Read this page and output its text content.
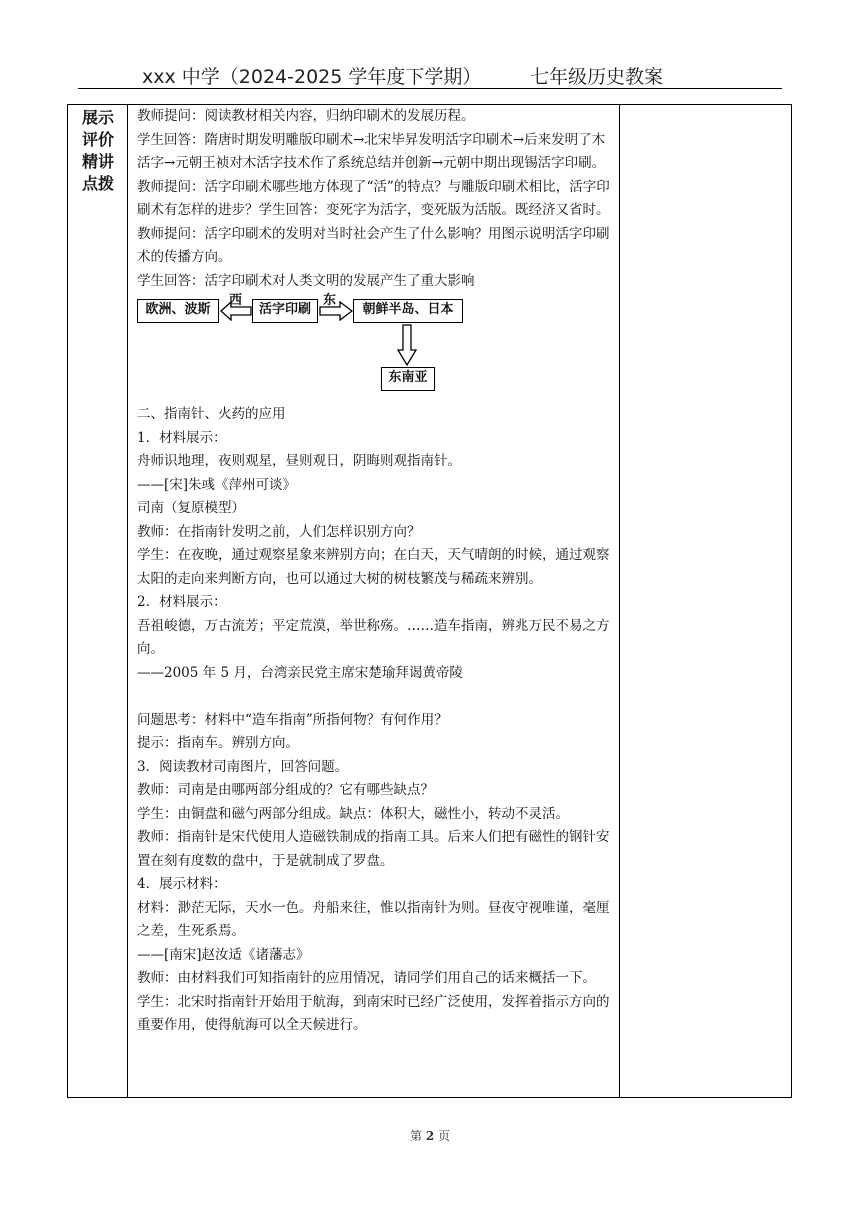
xxx 中学（2024-2025 学年度下学期）	七年级历史教案
展示评价精讲点拨

教师提问：阅读教材相关内容，归纳印刷术的发展历程。

学生回答：隋唐时期发明雕版印刷术→北宋毕昇发明活字印刷术→后来发明了木活字→元朝王祯对木活字技术作了系统总结并创新→元朝中期出现锡活字印刷。

教师提问：活字印刷术哪些地方体现了“活”的特点？与雕版印刷术相比，活字印刷术有怎样的进步？学生回答：变死字为活字，变死版为活版。既经济又省时。

教师提问：活字印刷术的发明对当时社会产生了什么影响？用图示说明活字印刷术的传播方向。

学生回答：活字印刷术对人类文明的发展产生了重大影响

欧洲、波斯
西
活字印刷
东
朝鲜半岛、日本
东南亚

二、指南针、火药的应用

1．材料展示：

舟师识地理，夜则观星，昼则观日，阴晦则观指南针。

——[宋]朱彧《萍州可谈》

司南（复原模型）

教师：在指南针发明之前，人们怎样识别方向？

学生：在夜晚，通过观察星象来辨别方向；在白天，天气晴朗的时候，通过观察太阳的走向来判断方向，也可以通过大树的树枝繁茂与稀疏来辨别。

2．材料展示：

吾祖峻德，万古流芳；平定荒漠，举世称殇。……造车指南，辨兆万民不易之方向。

——2005 年 5 月，台湾亲民党主席宋楚瑜拜谒黄帝陵

问题思考：材料中“造车指南”所指何物？有何作用？

提示：指南车。辨别方向。

3．阅读教材司南图片，回答问题。

教师：司南是由哪两部分组成的？它有哪些缺点？

学生：由铜盘和磁勺两部分组成。缺点：体积大，磁性小，转动不灵活。

教师：指南针是宋代使用人造磁铁制成的指南工具。后来人们把有磁性的钢针安置在刻有度数的盘中，于是就制成了罗盘。

4．展示材料：

材料：渺茫无际，天水一色。舟船来往，惟以指南针为则。昼夜守视唯谨，毫厘之差，生死系焉。

——[南宋]赵汝适《诸藩志》

教师：由材料我们可知指南针的应用情况，请同学们用自己的话来概括一下。

学生：北宋时指南针开始用于航海，到南宋时已经广泛使用，发挥着指示方向的重要作用，使得航海可以全天候进行。

第 2 页
